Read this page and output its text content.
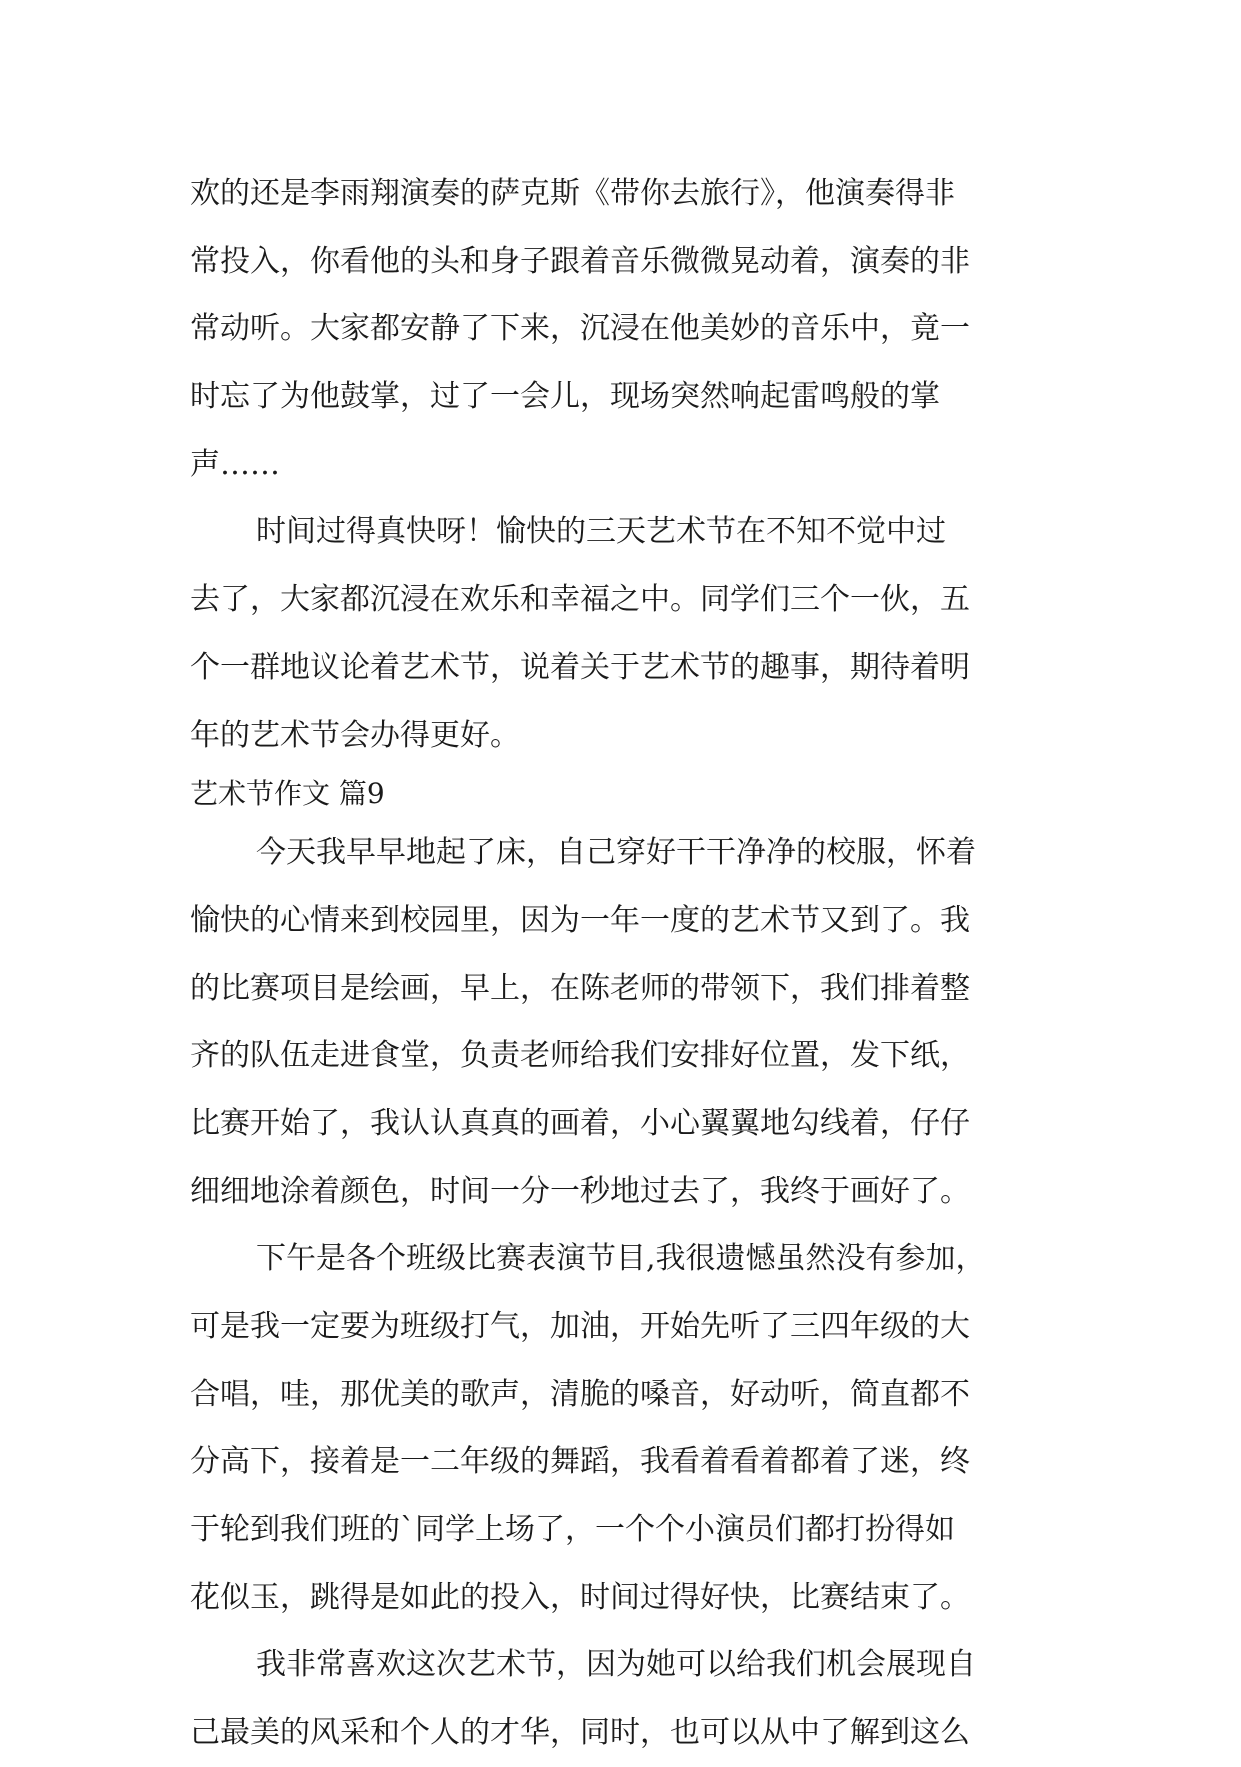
欢的还是李雨翔演奏的萨克斯《带你去旅行》，他演奏得非
常投入，你看他的头和身子跟着音乐微微晃动着，演奏的非
常动听。大家都安静了下来，沉浸在他美妙的音乐中，竟一
时忘了为他鼓掌，过了一会儿，现场突然响起雷鸣般的掌
声……
时间过得真快呀！愉快的三天艺术节在不知不觉中过
去了，大家都沉浸在欢乐和幸福之中。同学们三个一伙，五
个一群地议论着艺术节，说着关于艺术节的趣事，期待着明
年的艺术节会办得更好。
艺术节作文 篇9
今天我早早地起了床，自己穿好干干净净的校服，怀着
愉快的心情来到校园里，因为一年一度的艺术节又到了。我
的比赛项目是绘画，早上，在陈老师的带领下，我们排着整
齐的队伍走进食堂，负责老师给我们安排好位置，发下纸，
比赛开始了，我认认真真的画着，小心翼翼地勾线着，仔仔
细细地涂着颜色，时间一分一秒地过去了，我终于画好了。
下午是各个班级比赛表演节目,我很遗憾虽然没有参加，
可是我一定要为班级打气，加油，开始先听了三四年级的大
合唱，哇，那优美的歌声，清脆的嗓音，好动听，简直都不
分高下，接着是一二年级的舞蹈，我看着看着都着了迷，终
于轮到我们班的`同学上场了，一个个小演员们都打扮得如
花似玉，跳得是如此的投入，时间过得好快，比赛结束了。
我非常喜欢这次艺术节，因为她可以给我们机会展现自
己最美的风采和个人的才华，同时，也可以从中了解到这么
